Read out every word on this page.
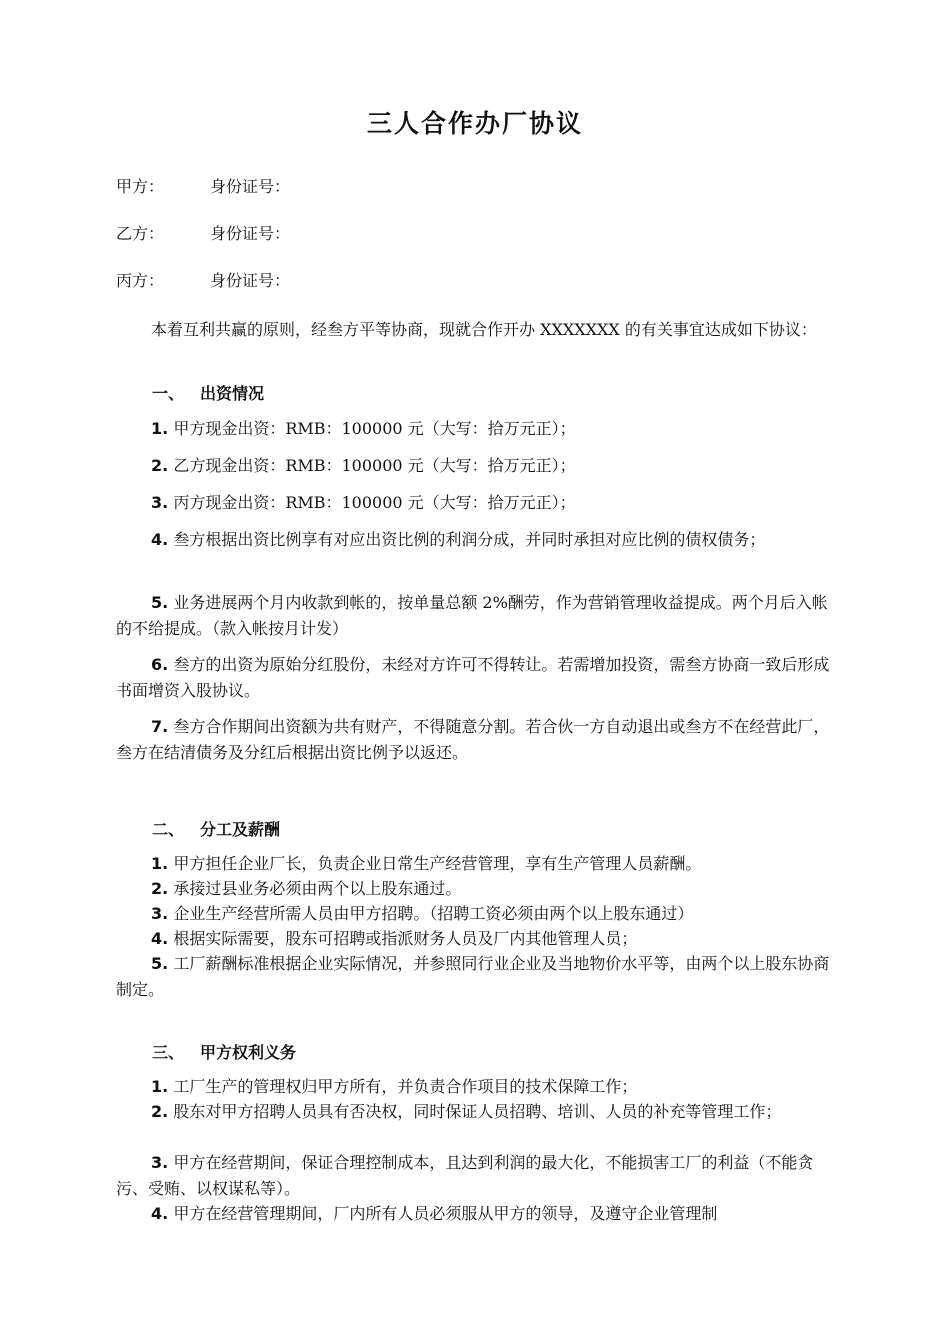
三人合作办厂协议
甲方：	身份证号：
乙方：	身份证号：
丙方：	身份证号：
本着互利共赢的原则，经叁方平等协商，现就合作开办 XXXXXXX 的有关事宜达成如下协议：
一、 出资情况
1. 甲方现金出资：RMB：100000 元（大写：拾万元正）；
2. 乙方现金出资：RMB：100000 元（大写：拾万元正）；
3. 丙方现金出资：RMB：100000 元（大写：拾万元正）；
4. 叁方根据出资比例享有对应出资比例的利润分成，并同时承担对应比例的债权债务；
5. 业务进展两个月内收款到帐的，按单量总额 2%酬劳，作为营销管理收益提成。两个月后入帐的不给提成。（款入帐按月计发）
6. 叁方的出资为原始分红股份，未经对方许可不得转让。若需增加投资，需叁方协商一致后形成书面增资入股协议。
7. 叁方合作期间出资额为共有财产，不得随意分割。若合伙一方自动退出或叁方不在经营此厂，叁方在结清债务及分红后根据出资比例予以返还。
二、 分工及薪酬
1. 甲方担任企业厂长，负责企业日常生产经营管理，享有生产管理人员薪酬。
2. 承接过县业务必须由两个以上股东通过。
3. 企业生产经营所需人员由甲方招聘。（招聘工资必须由两个以上股东通过）
4. 根据实际需要，股东可招聘或指派财务人员及厂内其他管理人员；
5. 工厂薪酬标准根据企业实际情况，并参照同行业企业及当地物价水平等，由两个以上股东协商制定。
三、 甲方权利义务
1. 工厂生产的管理权归甲方所有，并负责合作项目的技术保障工作；
2. 股东对甲方招聘人员具有否决权，同时保证人员招聘、培训、人员的补充等管理工作；
3. 甲方在经营期间，保证合理控制成本，且达到利润的最大化，不能损害工厂的利益（不能贪污、受贿、以权谋私等）。
4. 甲方在经营管理期间，厂内所有人员必须服从甲方的领导，及遵守企业管理制
